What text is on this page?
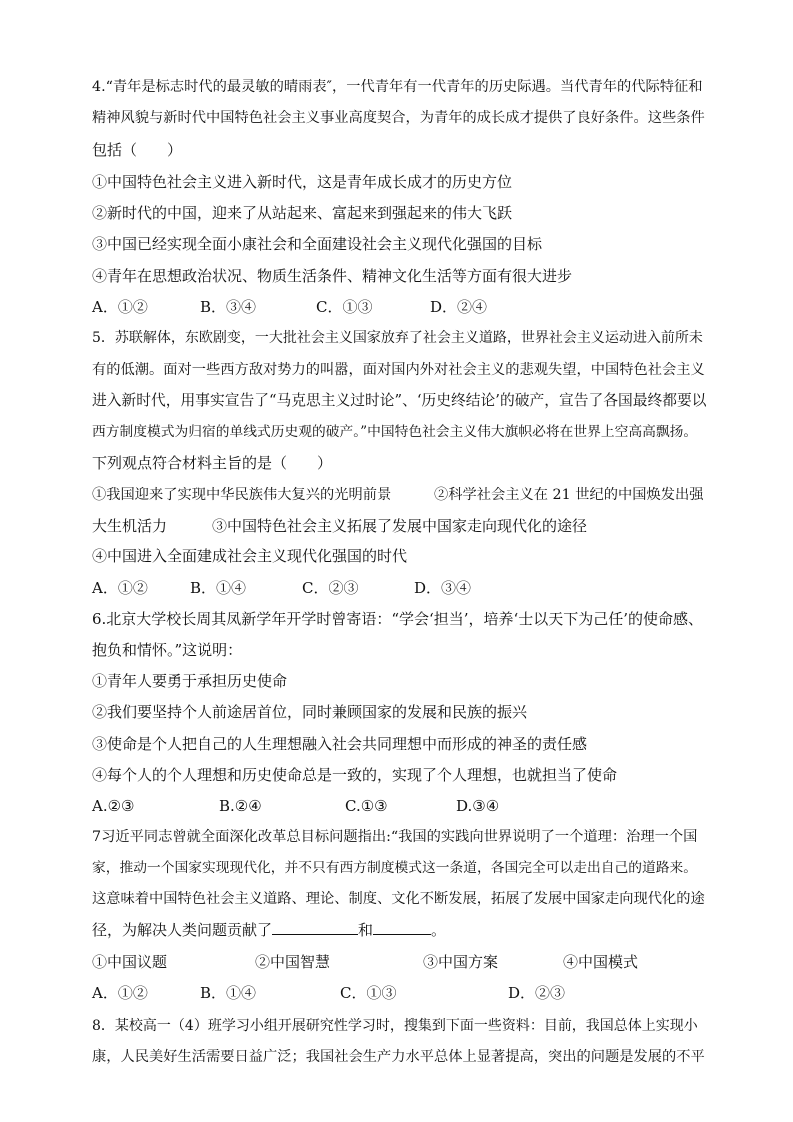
4.“青年是标志时代的最灵敏的晴雨表″，一代青年有一代青年的历史际遇。当代青年的代际特征和
精神风貌与新时代中国特色社会主义事业高度契合，为青年的成长成才提供了良好条件。这些条件
包括（　　）
①中国特色社会主义进入新时代，这是青年成长成才的历史方位
②新时代的中国，迎来了从站起来、富起来到强起来的伟大飞跃
③中国已经实现全面小康社会和全面建设社会主义现代化强国的目标
④青年在思想政治状况、物质生活条件、精神文化生活等方面有很大进步
A．①②	B．③④	C．①③	D．②④
5．苏联解体，东欧剧变，一大批社会主义国家放弃了社会主义道路，世界社会主义运动进入前所未
有的低潮。面对一些西方敌对势力的叫嚣，面对国内外对社会主义的悲观失望，中国特色社会主义
进入新时代，用事实宣告了“马克思主义过时论”、‘历史终结论’的破产，宣告了各国最终都要以
西方制度模式为归宿的单线式历史观的破产。”中国特色社会主义伟大旗帜必将在世界上空高高飘扬。
下列观点符合材料主旨的是（　　）
①我国迎来了实现中华民族伟大复兴的光明前景　　　②科学社会主义在 21 世纪的中国焕发出强
大生机活力　　　③中国特色社会主义拓展了发展中国家走向现代化的途径
④中国进入全面建成社会主义现代化强国的时代
A．①②	B．①④	C．②③	D．③④
6.北京大学校长周其凤新学年开学时曾寄语：“学会‘担当’，培养‘士以天下为己任’的使命感、
抱负和情怀。”这说明：
①青年人要勇于承担历史使命
②我们要坚持个人前途居首位，同时兼顾国家的发展和民族的振兴
③使命是个人把自己的人生理想融入社会共同理想中而形成的神圣的责任感
④每个人的个人理想和历史使命总是一致的，实现了个人理想，也就担当了使命
A.②③	B.②④	C.①③	D.③④
7习近平同志曾就全面深化改革总目标问题指出:“我国的实践向世界说明了一个道理：治理一个国
家，推动一个国家实现现代化，并不只有西方制度模式这一条道，各国完全可以走出自己的道路来。
这意味着中国特色社会主义道路、理论、制度、文化不断发展，拓展了发展中国家走向现代化的途
径，为解决人类问题贡献了	和	。
①中国议题	②中国智慧	③中国方案	④中国模式
A．①②	B．①④	C．①③	D．②③
8．某校高一（4）班学习小组开展研究性学习时，搜集到下面一些资料：目前，我国总体上实现小
康，人民美好生活需要日益广泛；我国社会生产力水平总体上显著提高，突出的问题是发展的不平
